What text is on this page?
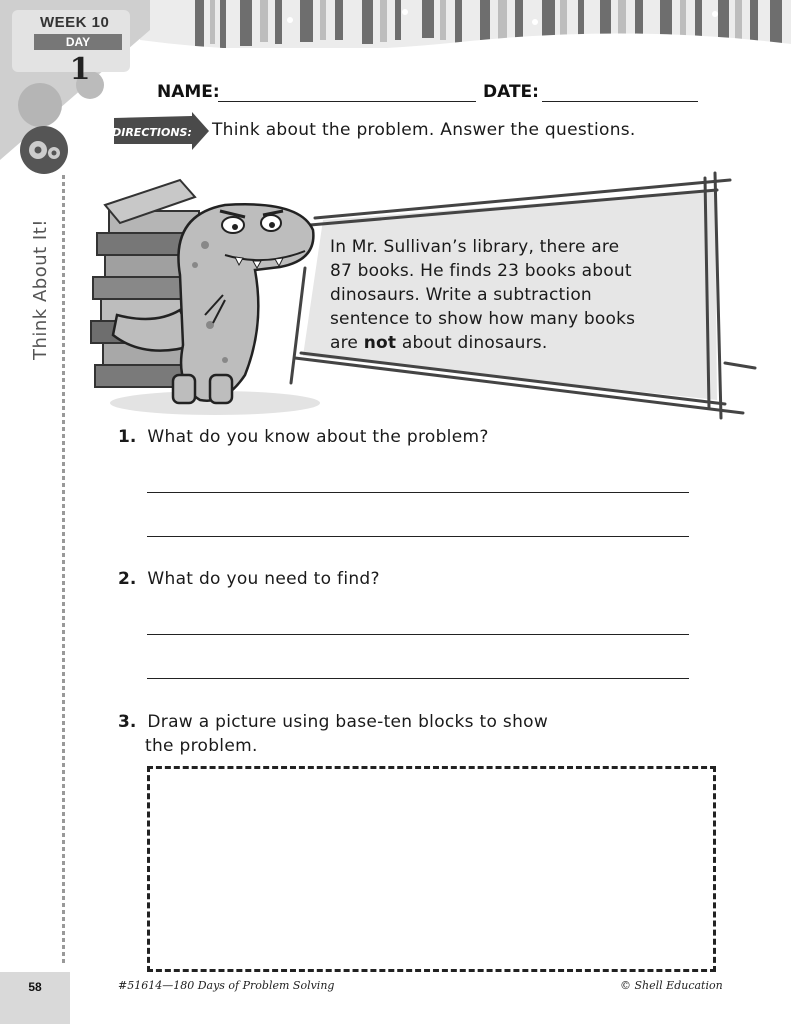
WEEK 10
DAY
1
Think About It!
NAME:	DATE:
DIRECTIONS: Think about the problem. Answer the questions.
In Mr. Sullivan’s library, there are
87 books. He finds 23 books about
dinosaurs. Write a subtraction
sentence to show how many books
are not about dinosaurs.
1. What do you know about the problem?
2. What do you need to find?
3. Draw a picture using base-ten blocks to show
the problem.
58	#51614—180 Days of Problem Solving	© Shell Education
